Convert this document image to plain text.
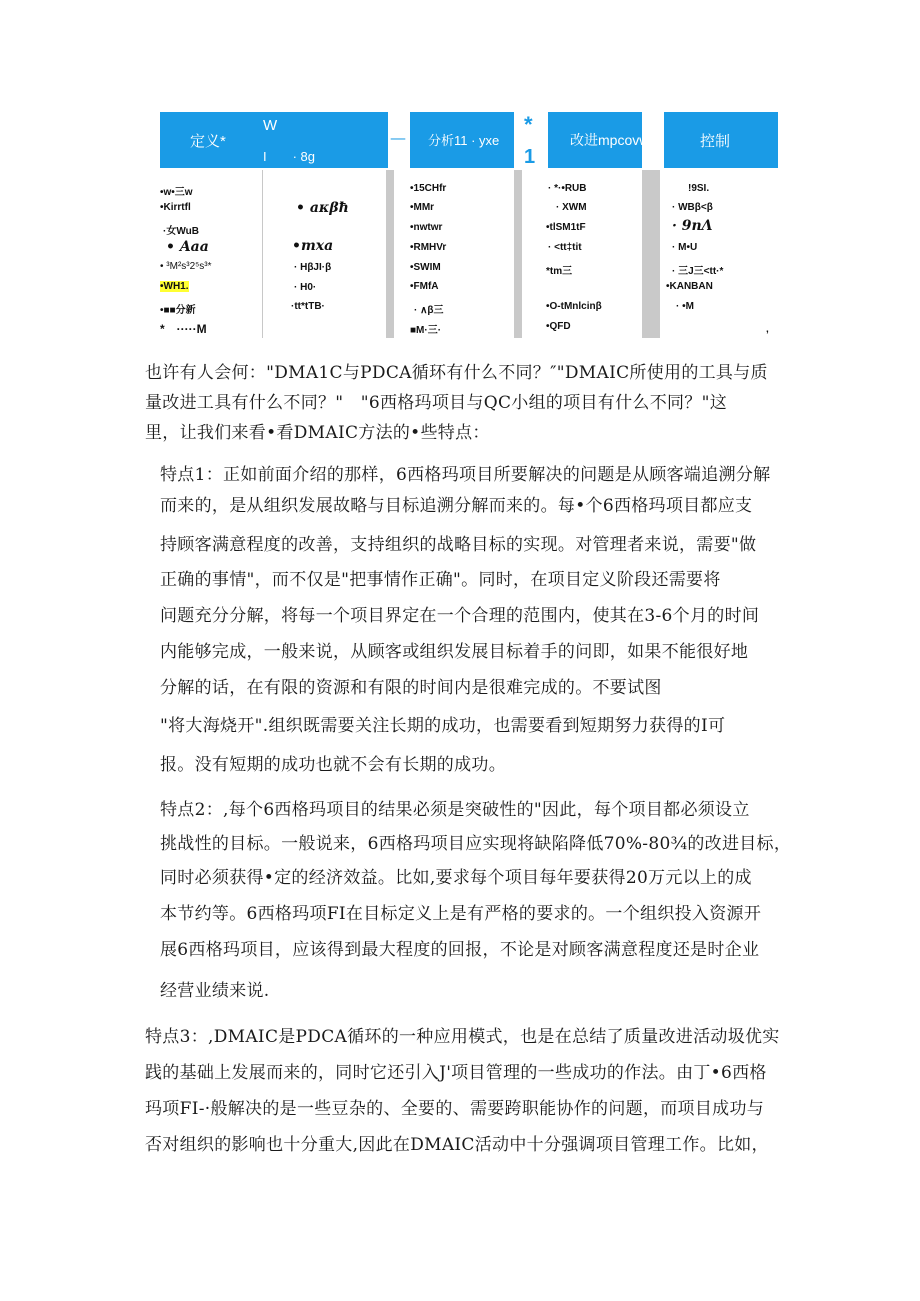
定义*
W
I　　· 8g
— 分析11 · yxe
*
1
改进mpcovw	控制
•w•三w
•Kirrtfl
·女WuB
• Aaa
• ³M²s³2⁵s³*
•WH1.
•■■分新
*　·····M
• aκβħ
•mxa
· HβJI·β
· H0·
·tt*tTB·
•15CHfr
•MMr
•nwtwr
•RMHVr
•SWIM
•FMfA
· ∧β三
■M·三·
· *·•RUB
· XWM
•tlSM1tF
· <tt‡tit
*tm三
•O-tMnlcinβ
•QFD
!9SI.
· WBβ<β
· 9nΛ
· M•U
· 三J三<tt·*
•KANBAN
· •M
,
也许有人会何："DMA1C与PDCA循环有什么不同？″"DMAIC所使用的工具与质
量改进工具有什么不同？"　"6西格玛项目与QC小组的项目有什么不同？"这
里，让我们来看•看DMAIC方法的•些特点：
特点1：正如前面介绍的那样，6西格玛项目所要解决的问题是从顾客端追溯分解
而来的，是从组织发展故略与目标追溯分解而来的。每•个6西格玛项目都应支
持顾客满意程度的改善，支持组织的战略目标的实现。对管理者来说，需要"做
正确的事情"，而不仅是"把事情作正确"。同时，在项目定义阶段还需要将
问题充分分解，将每一个项目界定在一个合理的范围内，使其在3-6个月的时间
内能够完成，一般来说，从顾客或组织发展目标着手的问即，如果不能很好地
分解的话，在有限的资源和有限的时间内是很难完成的。不要试图
"将大海烧开".组织既需要关注长期的成功，也需要看到短期努力获得的I可
报。没有短期的成功也就不会有长期的成功。
特点2：,每个6西格玛项目的结果必须是突破性的"因此，每个项目都必须设立
挑战性的目标。一般说来，6西格玛项目应实现将缺陷降低70%-80¾的改进目标，
同时必须获得•定的经济效益。比如,要求每个项目每年要获得20万元以上的成
本节约等。6西格玛项FI在目标定义上是有严格的要求的。一个组织投入资源开
展6西格玛项目，应该得到最大程度的回报，不论是对顾客满意程度还是时企业
经营业绩来说.
特点3：,DMAIC是PDCA循环的一种应用模式，也是在总结了质量改进活动圾优实
践的基础上发展而来的，同时它还引入J'项目管理的一些成功的作法。由丁•6西格
玛项FI-·般解决的是一些豆杂的、全要的、需要跨职能协作的问题，而项目成功与
否对组织的影响也十分重大,因此在DMAIC活动中十分强调项目管理工作。比如，
